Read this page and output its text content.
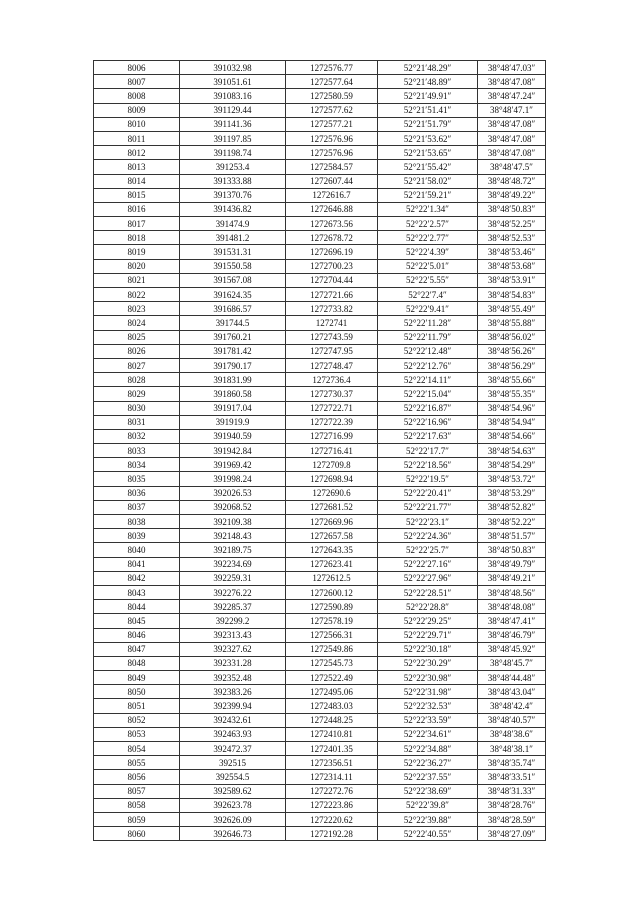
8006	391032.98	1272576.77	52°21′48.29″	38°48′47.03″
8007	391051.61	1272577.64	52°21′48.89″	38°48′47.08″
8008	391083.16	1272580.59	52°21′49.91″	38°48′47.24″
8009	391129.44	1272577.62	52°21′51.41″	38°48′47.1″
8010	391141.36	1272577.21	52°21′51.79″	38°48′47.08″
8011	391197.85	1272576.96	52°21′53.62″	38°48′47.08″
8012	391198.74	1272576.96	52°21′53.65″	38°48′47.08″
8013	391253.4	1272584.57	52°21′55.42″	38°48′47.5″
8014	391333.88	1272607.44	52°21′58.02″	38°48′48.72″
8015	391370.76	1272616.7	52°21′59.21″	38°48′49.22″
8016	391436.82	1272646.88	52°22′1.34″	38°48′50.83″
8017	391474.9	1272673.56	52°22′2.57″	38°48′52.25″
8018	391481.2	1272678.72	52°22′2.77″	38°48′52.53″
8019	391531.31	1272696.19	52°22′4.39″	38°48′53.46″
8020	391550.58	1272700.23	52°22′5.01″	38°48′53.68″
8021	391567.08	1272704.44	52°22′5.55″	38°48′53.91″
8022	391624.35	1272721.66	52°22′7.4″	38°48′54.83″
8023	391686.57	1272733.82	52°22′9.41″	38°48′55.49″
8024	391744.5	1272741	52°22′11.28″	38°48′55.88″
8025	391760.21	1272743.59	52°22′11.79″	38°48′56.02″
8026	391781.42	1272747.95	52°22′12.48″	38°48′56.26″
8027	391790.17	1272748.47	52°22′12.76″	38°48′56.29″
8028	391831.99	1272736.4	52°22′14.11″	38°48′55.66″
8029	391860.58	1272730.37	52°22′15.04″	38°48′55.35″
8030	391917.04	1272722.71	52°22′16.87″	38°48′54.96″
8031	391919.9	1272722.39	52°22′16.96″	38°48′54.94″
8032	391940.59	1272716.99	52°22′17.63″	38°48′54.66″
8033	391942.84	1272716.41	52°22′17.7″	38°48′54.63″
8034	391969.42	1272709.8	52°22′18.56″	38°48′54.29″
8035	391998.24	1272698.94	52°22′19.5″	38°48′53.72″
8036	392026.53	1272690.6	52°22′20.41″	38°48′53.29″
8037	392068.52	1272681.52	52°22′21.77″	38°48′52.82″
8038	392109.38	1272669.96	52°22′23.1″	38°48′52.22″
8039	392148.43	1272657.58	52°22′24.36″	38°48′51.57″
8040	392189.75	1272643.35	52°22′25.7″	38°48′50.83″
8041	392234.69	1272623.41	52°22′27.16″	38°48′49.79″
8042	392259.31	1272612.5	52°22′27.96″	38°48′49.21″
8043	392276.22	1272600.12	52°22′28.51″	38°48′48.56″
8044	392285.37	1272590.89	52°22′28.8″	38°48′48.08″
8045	392299.2	1272578.19	52°22′29.25″	38°48′47.41″
8046	392313.43	1272566.31	52°22′29.71″	38°48′46.79″
8047	392327.62	1272549.86	52°22′30.18″	38°48′45.92″
8048	392331.28	1272545.73	52°22′30.29″	38°48′45.7″
8049	392352.48	1272522.49	52°22′30.98″	38°48′44.48″
8050	392383.26	1272495.06	52°22′31.98″	38°48′43.04″
8051	392399.94	1272483.03	52°22′32.53″	38°48′42.4″
8052	392432.61	1272448.25	52°22′33.59″	38°48′40.57″
8053	392463.93	1272410.81	52°22′34.61″	38°48′38.6″
8054	392472.37	1272401.35	52°22′34.88″	38°48′38.1″
8055	392515	1272356.51	52°22′36.27″	38°48′35.74″
8056	392554.5	1272314.11	52°22′37.55″	38°48′33.51″
8057	392589.62	1272272.76	52°22′38.69″	38°48′31.33″
8058	392623.78	1272223.86	52°22′39.8″	38°48′28.76″
8059	392626.09	1272220.62	52°22′39.88″	38°48′28.59″
8060	392646.73	1272192.28	52°22′40.55″	38°48′27.09″
